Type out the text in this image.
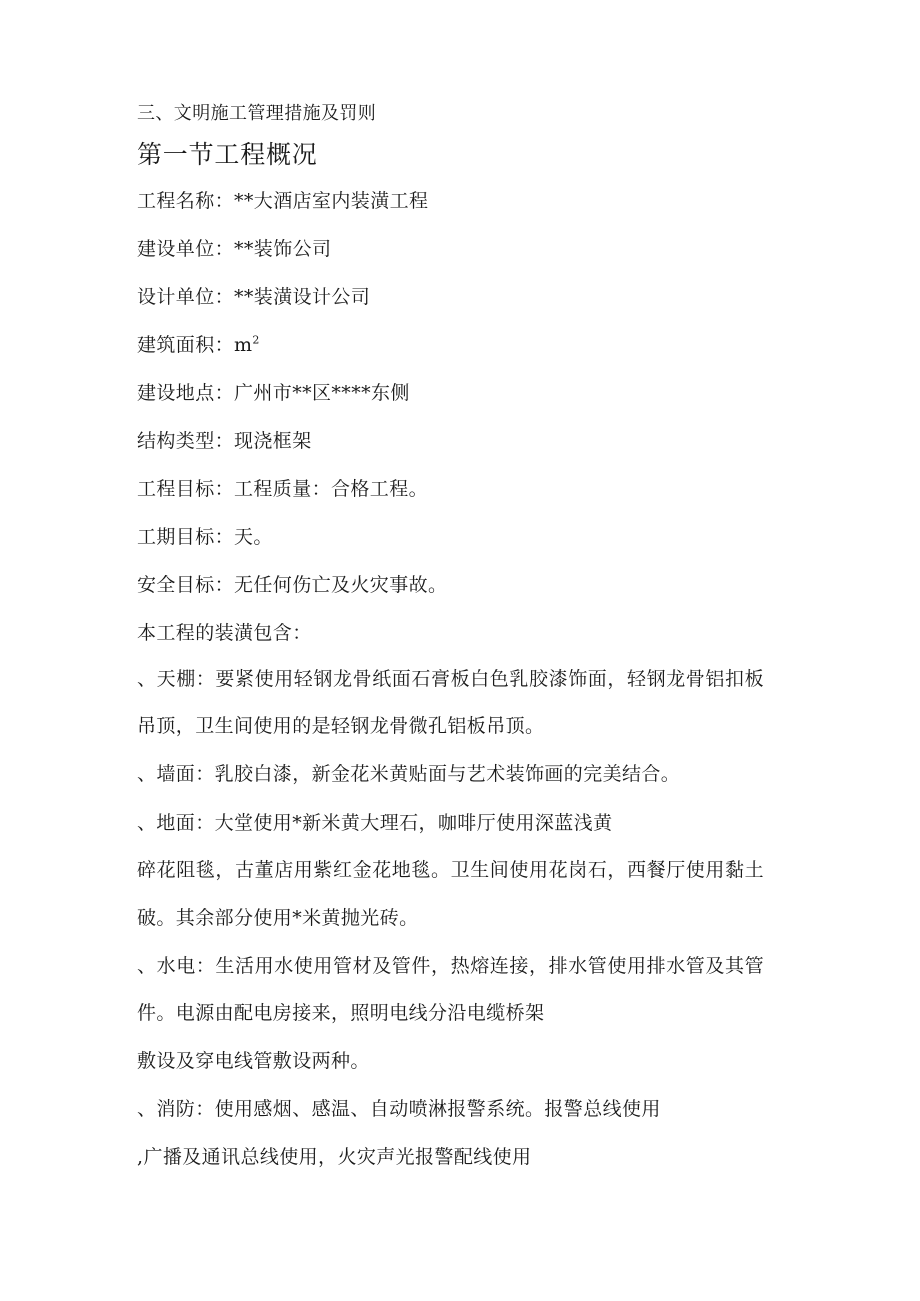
三、文明施工管理措施及罚则
第一节工程概况
工程名称：**大酒店室内装潢工程
建设单位：**装饰公司
设计单位：**装潢设计公司
建筑面积：$m^2$
建设地点：广州市**区****东侧
结构类型：现浇框架
工程目标：工程质量：合格工程。
工期目标：天。
安全目标：无任何伤亡及火灾事故。
本工程的装潢包含：
、天棚：要紧使用轻钢龙骨纸面石膏板白色乳胶漆饰面，轻钢龙骨铝扣板
吊顶，卫生间使用的是轻钢龙骨微孔铝板吊顶。
、墙面：乳胶白漆，新金花米黄贴面与艺术装饰画的完美结合。
、地面：大堂使用*新米黄大理石，咖啡厅使用深蓝浅黄
碎花阻毯，古董店用紫红金花地毯。卫生间使用花岗石，西餐厅使用黏土
破。其余部分使用*米黄抛光砖。
、水电：生活用水使用管材及管件，热熔连接，排水管使用排水管及其管
件。电源由配电房接来，照明电线分沿电缆桥架
敷设及穿电线管敷设两种。
、消防：使用感烟、感温、自动喷淋报警系统。报警总线使用
,广播及通讯总线使用，火灾声光报警配线使用
